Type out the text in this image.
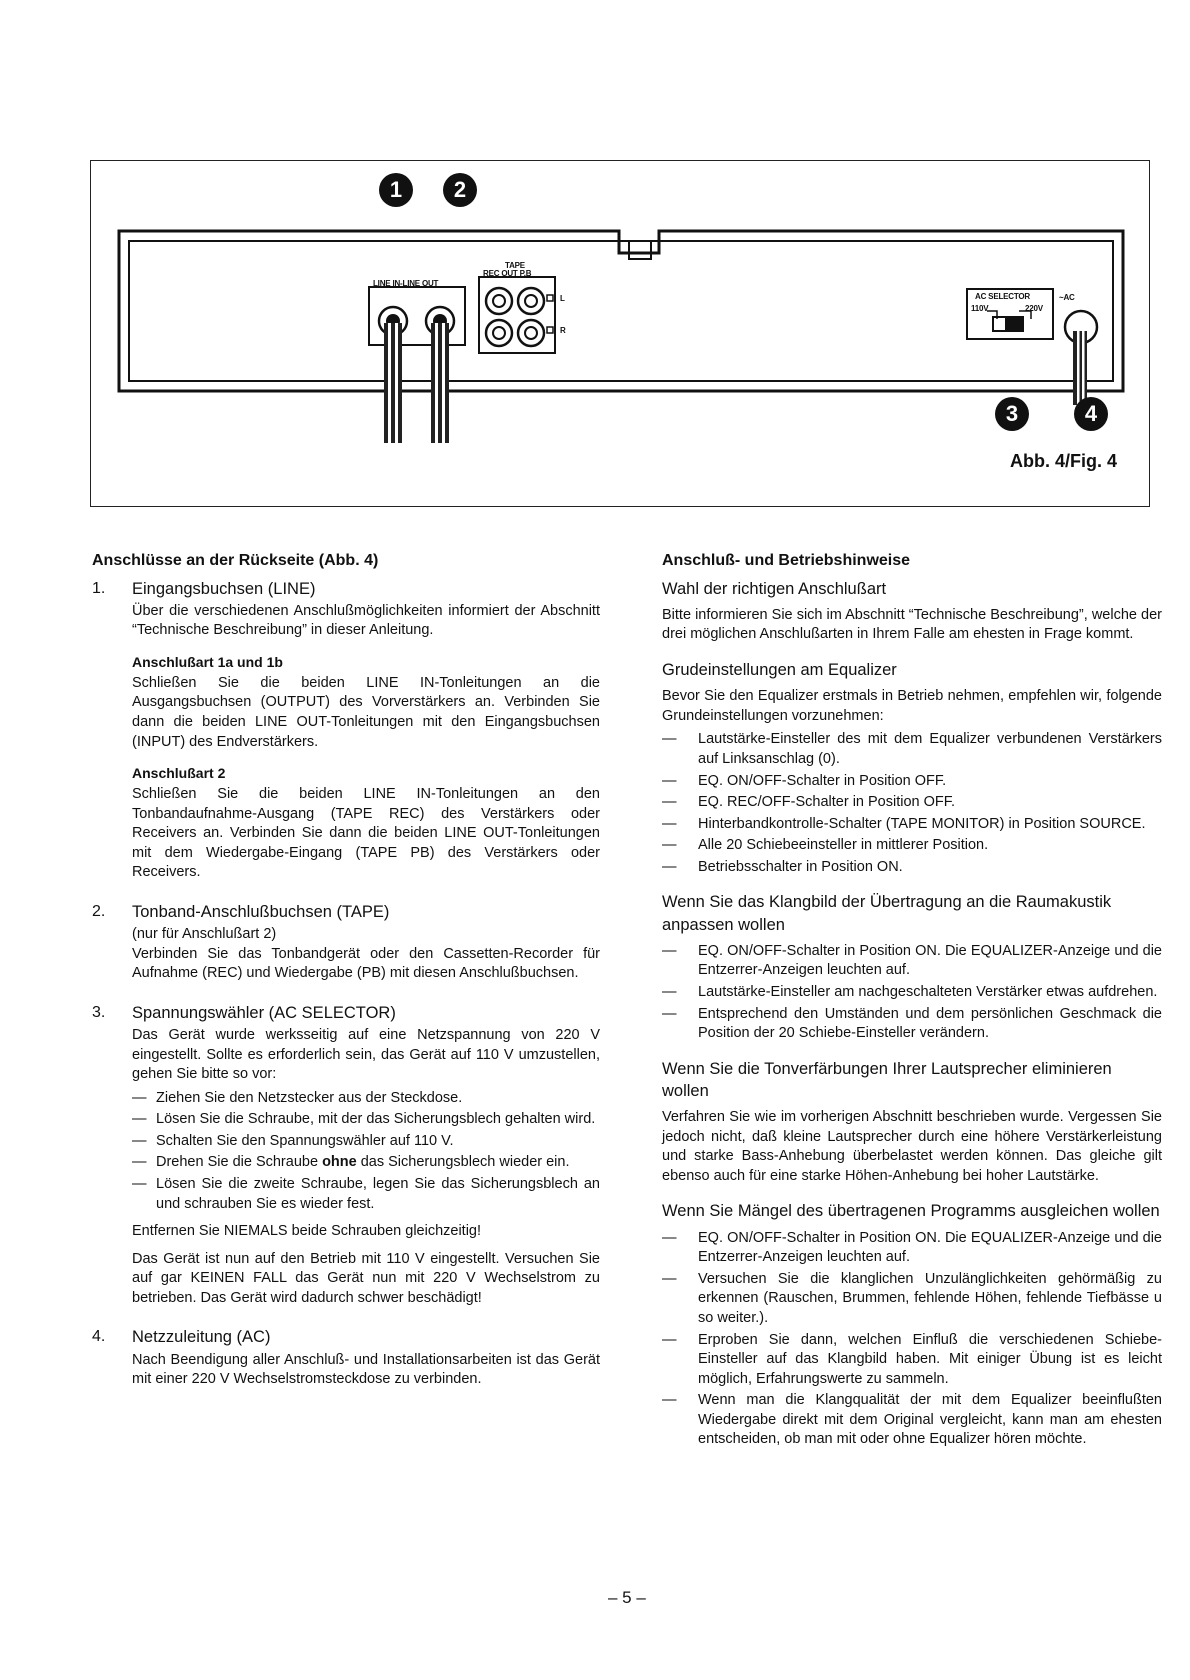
1	2
3	4
LINE IN-LINE OUT
TAPE
REC OUT P.B
L
R
AC SELECTOR
110V	220V
~AC
Abb. 4/Fig. 4
Anschlüsse an der Rückseite (Abb. 4)
1.	Eingangsbuchsen (LINE)

Über die verschiedenen Anschlußmöglichkeiten informiert der Abschnitt “Technische Beschreibung” in dieser Anleitung.

Anschlußart 1a und 1b

Schließen Sie die beiden LINE IN-Tonleitungen an die Ausgangsbuchsen (OUTPUT) des Vorverstärkers an. Verbinden Sie dann die beiden LINE OUT-Tonleitungen mit den Eingangsbuchsen (INPUT) des Endverstärkers.

Anschlußart 2

Schließen Sie die beiden LINE IN-Tonleitungen an den Tonbandaufnahme-Ausgang (TAPE REC) des Verstärkers oder Receivers an. Verbinden Sie dann die beiden LINE OUT-Tonleitungen mit dem Wiedergabe-Eingang (TAPE PB) des Verstärkers oder Receivers.

2.	Tonband-Anschlußbuchsen (TAPE)
(nur für Anschlußart 2)

Verbinden Sie das Tonbandgerät oder den Cassetten-Recorder für Aufnahme (REC) und Wiedergabe (PB) mit diesen Anschlußbuchsen.

3.	Spannungswähler (AC SELECTOR)

Das Gerät wurde werksseitig auf eine Netzspannung von 220 V eingestellt. Sollte es erforderlich sein, das Gerät auf 110 V umzustellen, gehen Sie bitte so vor:

— Ziehen Sie den Netzstecker aus der Steckdose.
— Lösen Sie die Schraube, mit der das Sicherungsblech gehalten wird.
— Schalten Sie den Spannungswähler auf 110 V.
— Drehen Sie die Schraube ohne das Sicherungsblech wieder ein.
— Lösen Sie die zweite Schraube, legen Sie das Sicherungsblech an und schrauben Sie es wieder fest.

Entfernen Sie NIEMALS beide Schrauben gleichzeitig!

Das Gerät ist nun auf den Betrieb mit 110 V eingestellt. Versuchen Sie auf gar KEINEN FALL das Gerät nun mit 220 V Wechselstrom zu betrieben. Das Gerät wird dadurch schwer beschädigt!

4.	Netzzuleitung (AC)

Nach Beendigung aller Anschluß- und Installationsarbeiten ist das Gerät mit einer 220 V Wechselstromsteckdose zu verbinden.

Anschluß- und Betriebshinweise
Wahl der richtigen Anschlußart

Bitte informieren Sie sich im Abschnitt “Technische Beschreibung”, welche der drei möglichen Anschlußarten in Ihrem Falle am ehesten in Frage kommt.

Grudeinstellungen am Equalizer

Bevor Sie den Equalizer erstmals in Betrieb nehmen, empfehlen wir, folgende Grundeinstellungen vorzunehmen:

—	Lautstärke-Einsteller des mit dem Equalizer verbundenen Verstärkers auf Linksanschlag (0).
—	EQ. ON/OFF-Schalter in Position OFF.
—	EQ. REC/OFF-Schalter in Position OFF.
—	Hinterbandkontrolle-Schalter (TAPE MONITOR) in Position SOURCE.
—	Alle 20 Schiebeeinsteller in mittlerer Position.
—	Betriebsschalter in Position ON.
Wenn Sie das Klangbild der Übertragung an die Raumakustik anpassen wollen
—	EQ. ON/OFF-Schalter in Position ON. Die EQUALIZER-Anzeige und die Entzerrer-Anzeigen leuchten auf.
—	Lautstärke-Einsteller am nachgeschalteten Verstärker etwas aufdrehen.
—	Entsprechend den Umständen und dem persönlichen Geschmack die Position der 20 Schiebe-Einsteller verändern.
Wenn Sie die Tonverfärbungen Ihrer Lautsprecher eliminieren wollen

Verfahren Sie wie im vorherigen Abschnitt beschrieben wurde. Vergessen Sie jedoch nicht, daß kleine Lautsprecher durch eine höhere Verstärkerleistung und starke Bass-Anhebung überbelastet werden können. Das gleiche gilt ebenso auch für eine starke Höhen-Anhebung bei hoher Lautstärke.

Wenn Sie Mängel des übertragenen Programms ausgleichen wollen
—	EQ. ON/OFF-Schalter in Position ON. Die EQUALIZER-Anzeige und die Entzerrer-Anzeigen leuchten auf.
—	Versuchen Sie die klanglichen Unzulänglichkeiten gehörmäßig zu erkennen (Rauschen, Brummen, fehlende Höhen, fehlende Tiefbässe u so weiter.).
—	Erproben Sie dann, welchen Einfluß die verschiedenen Schiebe-Einsteller auf das Klangbild haben. Mit einiger Übung ist es leicht möglich, Erfahrungswerte zu sammeln.
—	Wenn man die Klangqualität der mit dem Equalizer beeinflußten Wiedergabe direkt mit dem Original vergleicht, kann man am ehesten entscheiden, ob man mit oder ohne Equalizer hören möchte.
– 5 –
